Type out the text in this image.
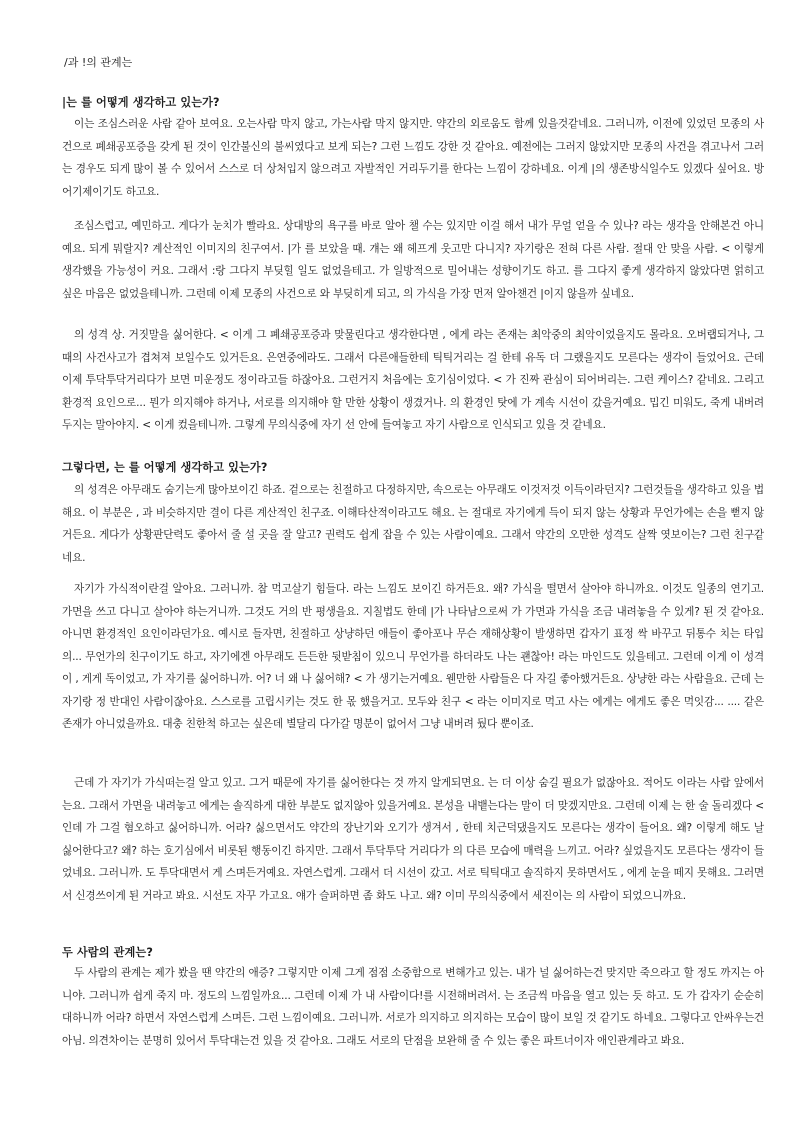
/과 !의 관계는
|는 를 어떻게 생각하고 있는가?
이는 조심스러운 사람 같아 보여요. 오는사람 막지 않고, 가는사람 막지 않지만. 약간의 외로움도 함께 있을것같네요. 그러니까, 이전에 있었던 모종의 사건으로 폐쇄공포증을 갖게 된 것이 인간불신의 불씨였다고 보게 되는? 그런 느낌도 강한 것 같아요. 예전에는 그러지 않았지만 모종의 사건을 겪고나서 그러는 경우도 되게 많이 볼 수 있어서 스스로 더 상처입지 않으려고 자발적인 거리두기를 한다는 느낌이 강하네요. 이게 |의 생존방식일수도 있겠다 싶어요. 방어기제이기도 하고요.
조심스럽고, 예민하고. 게다가 눈치가 빨라요. 상대방의 욕구를 바로 알아 챌 수는 있지만 이걸 해서 내가 무얼 얻을 수 있나? 라는 생각을 안해본건 아니예요. 되게 뭐랄지? 계산적인 이미지의 친구여서. |가 를 보았을 때. 걔는 왜 헤프게 웃고만 다니지? 자기랑은 전혀 다른 사람. 절대 안 맞을 사람. < 이렇게 생각했을 가능성이 커요. 그래서 :랑 그다지 부딪힐 일도 없었을테고. 가 일방적으로 밀어내는 성향이기도 하고. 를 그다지 좋게 생각하지 않았다면 얽히고 싶은 마음은 없었을테니까. 그런데 이제 모종의 사건으로 와 부딪히게 되고, 의 가식을 가장 먼저 알아챈건 |이지 않을까 싶네요.
의 성격 상. 거짓말을 싫어한다. < 이게 그 폐쇄공포증과 맞물린다고 생각한다면 , 에게 라는 존재는 최악중의 최악이었을지도 몰라요. 오버랩되거나, 그 때의 사건사고가 겹쳐져 보일수도 있거든요. 은연중에라도. 그래서 다른애들한테 틱틱거리는 걸 한테 유독 더 그랬을지도 모른다는 생각이 들었어요. 근데 이제 투닥투닥거리다가 보면 미운정도 정이라고들 하잖아요. 그런거지 처음에는 호기심이었다. < 가 진짜 관심이 되어버리는. 그런 케이스? 같네요. 그리고 환경적 요인으로... 뭔가 의지해야 하거나, 서로를 의지해야 할 만한 상황이 생겼거나. 의 환경인 탓에 가 계속 시선이 갔을거예요. 밉긴 미워도, 죽게 내버려두지는 말아야지. < 이게 컸을테니까. 그렇게 무의식중에 자기 선 안에 들여놓고 자기 사람으로 인식되고 있을 것 같네요.
그렇다면, 는 를 어떻게 생각하고 있는가?
의 성격은 아무래도 숨기는게 많아보이긴 하죠. 겉으로는 친절하고 다정하지만, 속으로는 아무래도 이것저것 이득이라던지? 그런것들을 생각하고 있을 법 해요. 이 부분은 , 과 비슷하지만 결이 다른 계산적인 친구죠. 이해타산적이라고도 해요. 는 절대로 자기에게 득이 되지 않는 상황과 무언가에는 손을 뻗지 않거든요. 게다가 상황판단력도 좋아서 줄 설 곳을 잘 알고? 권력도 쉽게 잡을 수 있는 사람이예요. 그래서 약간의 오만한 성격도 살짝 엿보이는? 그런 친구같네요.
자기가 가식적이란걸 알아요. 그러니까. 참 먹고살기 힘들다. 라는 느낌도 보이긴 하거든요. 왜? 가식을 떨면서 살아야 하니까요. 이것도 일종의 연기고. 가면을 쓰고 다니고 살아야 하는거니까. 그것도 거의 반 평생을요. 지칠법도 한데 |가 나타남으로써 가 가면과 가식을 조금 내려놓을 수 있게? 된 것 같아요. 아니면 환경적인 요인이라던가요. 예시로 들자면, 친절하고 상냥하던 애들이 좋아포나 무슨 재해상황이 발생하면 갑자기 표정 싹 바꾸고 뒤통수 치는 타입의... 무언가의 친구이기도 하고, 자기에겐 아무래도 든든한 뒷받침이 있으니 무언가를 하더라도 나는 괜찮아! 라는 마인드도 있을테고. 그런데 이게 이 성격이 , 게게 독이었고, 가 자기를 싫어하니까. 어? 너 왜 나 싫어해? < 가 생기는거예요. 웬만한 사람들은 다 자길 좋아했거든요. 상냥한 라는 사람을요. 근데 는 자기랑 정 반대인 사람이잖아요. 스스로를 고립시키는 것도 한 몫 했을거고. 모두와 친구 < 라는 이미지로 먹고 사는 에게는 에게도 좋은 먹잇감... .... 같은 존재가 아니었을까요. 대충 친한척 하고는 싶은데 별달리 다가갈 명분이 없어서 그냥 내버려 뒀다 뿐이죠.
근데 가 자기가 가식떠는걸 알고 있고. 그거 때문에 자기를 싫어한다는 것 까지 알게되면요. 는 더 이상 숨길 필요가 없잖아요. 적어도 이라는 사람 앞에서는요. 그래서 가면을 내려놓고 에게는 솔직하게 대한 부분도 없지않아 있을거예요. 본성을 내뱉는다는 말이 더 맞겠지만요. 그런데 이제 는 한 술 돌리겠다 < 인데 가 그걸 혐오하고 싫어하니까. 어라? 싫으면서도 약간의 장난기와 오기가 생겨서 , 한테 치근덕댔을지도 모른다는 생각이 들어요. 왜? 이렇게 해도 날 싫어한다고? 왜? 하는 호기심에서 비롯된 행동이긴 하지만. 그래서 투닥투닥 거리다가 의 다른 모습에 매력을 느끼고. 어라? 싶었을지도 모른다는 생각이 들었네요. 그러니까. 도 투닥대면서 게 스며든거예요. 자연스럽게. 그래서 더 시선이 갔고. 서로 틱틱대고 솔직하지 못하면서도 , 에게 눈을 떼지 못해요. 그러면서 신경쓰이게 된 거라고 봐요. 시선도 자꾸 가고요. 얘가 슬퍼하면 좀 화도 나고. 왜? 이미 무의식중에서 세진이는 의 사람이 되었으니까요.
두 사람의 관계는?
두 사람의 관계는 제가 봤을 땐 약간의 애증? 그렇지만 이제 그게 점점 소중함으로 변해가고 있는. 내가 널 싫어하는건 맞지만 죽으라고 할 정도 까지는 아니야. 그러니까 쉽게 죽지 마. 정도의 느낌일까요... 그런데 이제 가 내 사람이다!를 시전해버려서. 는 조금씩 마음을 열고 있는 듯 하고. 도 가 갑자기 순순히 대하니까 어라? 하면서 자연스럽게 스며든. 그런 느낌이예요. 그러니까. 서로가 의지하고 의지하는 모습이 많이 보일 것 같기도 하네요. 그렇다고 안싸우는건 아님. 의견차이는 분명히 있어서 투닥대는건 있을 것 같아요. 그래도 서로의 단점을 보완해 줄 수 있는 좋은 파트너이자 애인관계라고 봐요.
